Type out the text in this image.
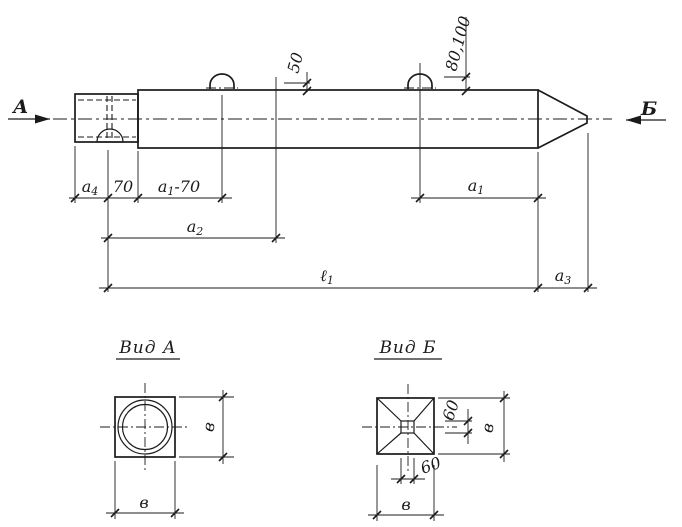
А	Б
а4 70 а1-70	а1
а2
ℓ1	а3
50	80,100
Вид А
в
в
Вид Б
60
в
60
в
